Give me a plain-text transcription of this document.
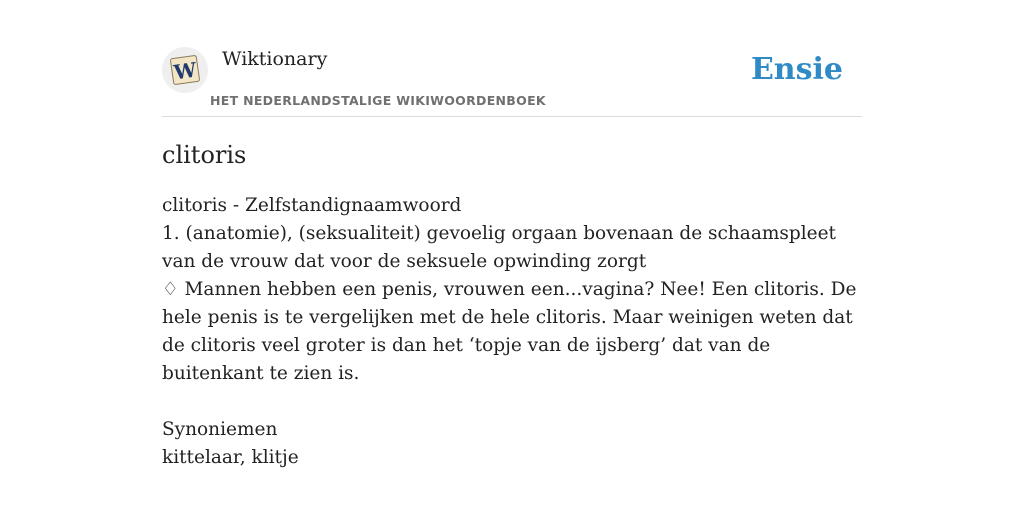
W Wiktionary
HET NEDERLANDSTALIGE WIKIWOORDENBOEK
Ensie
clitoris
clitoris - Zelfstandignaamwoord
1. (anatomie), (seksualiteit) gevoelig orgaan bovenaan de schaamspleet van de vrouw dat voor de seksuele opwinding zorgt
♢ Mannen hebben een penis, vrouwen een...vagina? Nee! Een clitoris. De hele penis is te vergelijken met de hele clitoris. Maar weinigen weten dat de clitoris veel groter is dan het ‘topje van de ijsberg’ dat van de buitenkant te zien is.
Synoniemen
kittelaar, klitje
